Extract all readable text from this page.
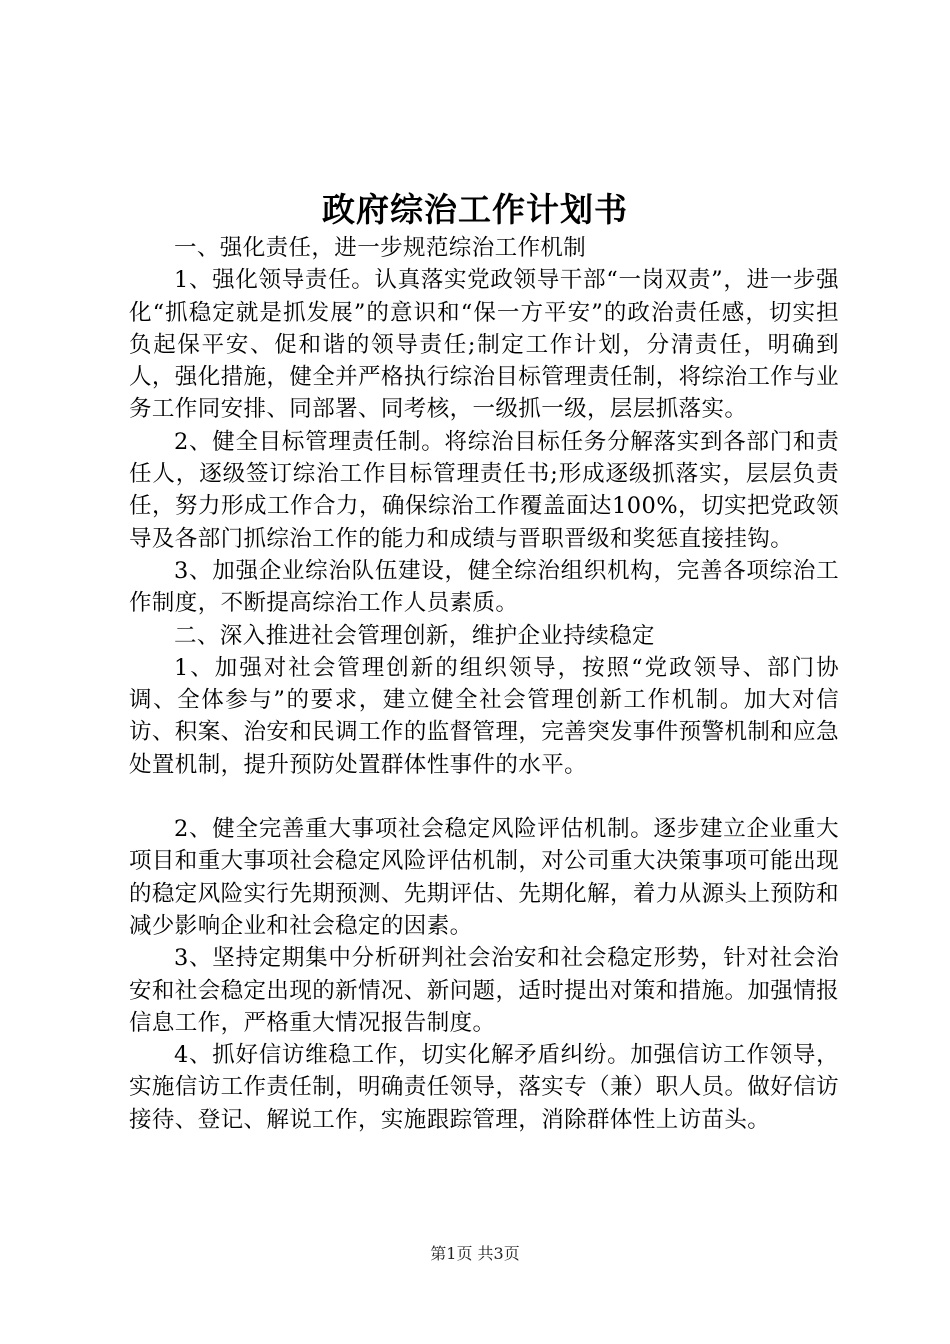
政府综治工作计划书

一、强化责任，进一步规范综治工作机制

1、强化领导责任。认真落实党政领导干部“一岗双责”，进一步强化“抓稳定就是抓发展”的意识和“保一方平安”的政治责任感，切实担负起保平安、促和谐的领导责任;制定工作计划，分清责任，明确到人，强化措施，健全并严格执行综治目标管理责任制，将综治工作与业务工作同安排、同部署、同考核，一级抓一级，层层抓落实。

2、健全目标管理责任制。将综治目标任务分解落实到各部门和责任人，逐级签订综治工作目标管理责任书;形成逐级抓落实，层层负责任，努力形成工作合力，确保综治工作覆盖面达100%，切实把党政领导及各部门抓综治工作的能力和成绩与晋职晋级和奖惩直接挂钩。

3、加强企业综治队伍建设，健全综治组织机构，完善各项综治工作制度，不断提高综治工作人员素质。

二、深入推进社会管理创新，维护企业持续稳定

1、加强对社会管理创新的组织领导，按照“党政领导、部门协调、全体参与”的要求，建立健全社会管理创新工作机制。加大对信访、积案、治安和民调工作的监督管理，完善突发事件预警机制和应急处置机制，提升预防处置群体性事件的水平。

2、健全完善重大事项社会稳定风险评估机制。逐步建立企业重大项目和重大事项社会稳定风险评估机制，对公司重大决策事项可能出现的稳定风险实行先期预测、先期评估、先期化解，着力从源头上预防和减少影响企业和社会稳定的因素。

3、坚持定期集中分析研判社会治安和社会稳定形势，针对社会治安和社会稳定出现的新情况、新问题，适时提出对策和措施。加强情报信息工作，严格重大情况报告制度。

4、抓好信访维稳工作，切实化解矛盾纠纷。加强信访工作领导，实施信访工作责任制，明确责任领导，落实专（兼）职人员。做好信访接待、登记、解说工作，实施跟踪管理，消除群体性上访苗头。

第1页 共3页
